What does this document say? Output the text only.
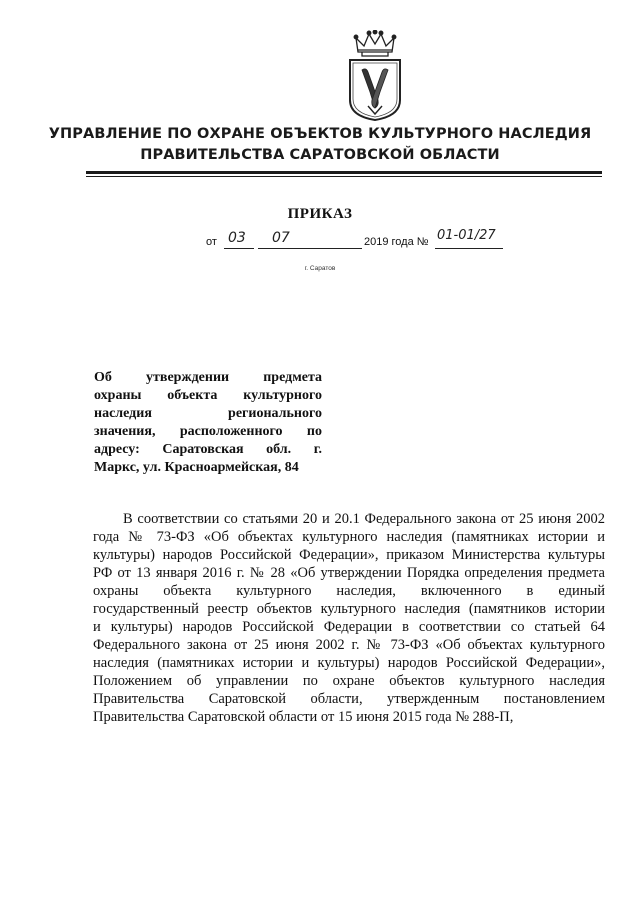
УПРАВЛЕНИЕ ПО ОХРАНЕ ОБЪЕКТОВ КУЛЬТУРНОГО НАСЛЕДИЯ
ПРАВИТЕЛЬСТВА САРАТОВСКОЙ ОБЛАСТИ
ПРИКАЗ
от 03 07	2019 года № 01-01/27
г. Саратов
Об утверждении предмета
охраны объекта культурного
наследия регионального
значения, расположенного по
адресу: Саратовская обл. г.
Маркс, ул. Красноармейская, 84
В соответствии со статьями 20 и 20.1 Федерального закона от 25 июня 2002
года № 73-ФЗ «Об объектах культурного наследия (памятниках истории и
культуры) народов Российской Федерации», приказом Министерства культуры
РФ от 13 января 2016 г. № 28 «Об утверждении Порядка определения предмета
охраны объекта культурного наследия, включенного в единый
государственный реестр объектов культурного наследия (памятников истории
и культуры) народов Российской Федерации в соответствии со статьей 64
Федерального закона от 25 июня 2002 г. № 73-ФЗ «Об объектах культурного
наследия (памятниках истории и культуры) народов Российской Федерации»,
Положением об управлении по охране объектов культурного наследия
Правительства Саратовской области, утвержденным постановлением
Правительства Саратовской области от 15 июня 2015 года № 288-П,
